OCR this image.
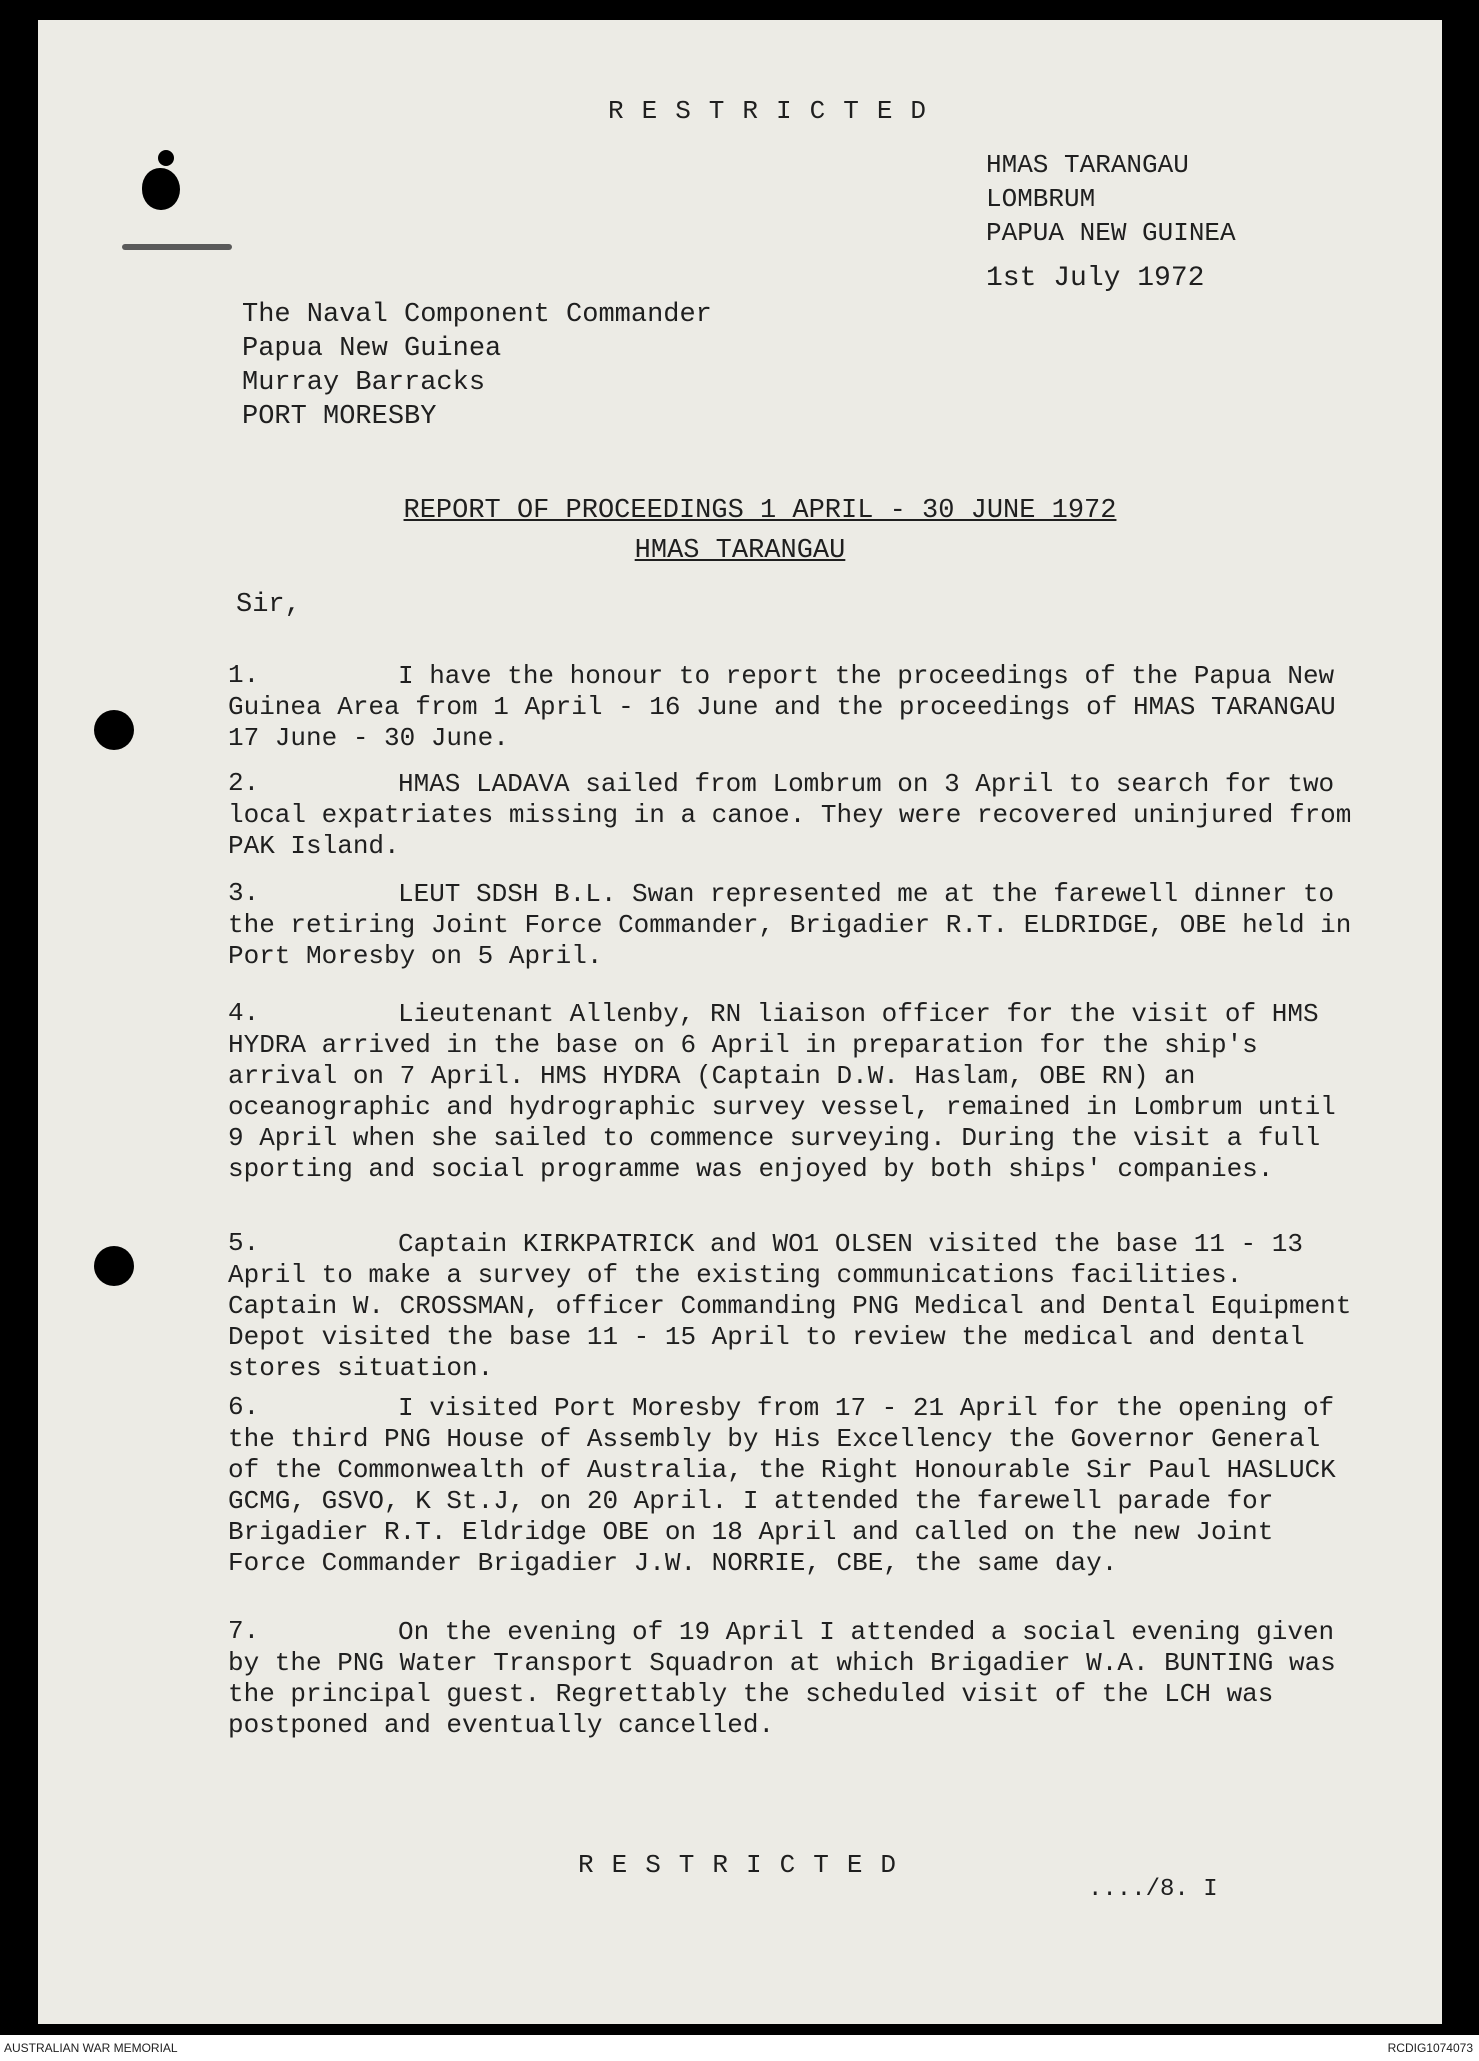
RESTRICTED
HMAS TARANGAU
LOMBRUM
PAPUA NEW GUINEA
1st July 1972
The Naval Component Commander
Papua New Guinea
Murray Barracks
PORT MORESBY
REPORT OF PROCEEDINGS 1 APRIL - 30 JUNE 1972
HMAS TARANGAU
Sir,
1.	I have the honour to report the proceedings of the Papua New Guinea Area from 1 April - 16 June and the proceedings of HMAS TARANGAU 17 June - 30 June.
2.	HMAS LADAVA sailed from Lombrum on 3 April to search for two local expatriates missing in a canoe. They were recovered uninjured from PAK Island.
3.	LEUT SDSH B.L. Swan represented me at the farewell dinner to the retiring Joint Force Commander, Brigadier R.T. ELDRIDGE, OBE held in Port Moresby on 5 April.
4.	Lieutenant Allenby, RN liaison officer for the visit of HMS HYDRA arrived in the base on 6 April in preparation for the ship's arrival on 7 April. HMS HYDRA (Captain D.W. Haslam, OBE RN) an oceanographic and hydrographic survey vessel, remained in Lombrum until 9 April when she sailed to commence surveying. During the visit a full sporting and social programme was enjoyed by both ships' companies.
5.	Captain KIRKPATRICK and WO1 OLSEN visited the base 11 - 13 April to make a survey of the existing communications facilities. Captain W. CROSSMAN, officer Commanding PNG Medical and Dental Equipment Depot visited the base 11 - 15 April to review the medical and dental stores situation.
6.	I visited Port Moresby from 17 - 21 April for the opening of the third PNG House of Assembly by His Excellency the Governor General of the Commonwealth of Australia, the Right Honourable Sir Paul HASLUCK GCMG, GSVO, K St.J, on 20 April. I attended the farewell parade for Brigadier R.T. Eldridge OBE on 18 April and called on the new Joint Force Commander Brigadier J.W. NORRIE, CBE, the same day.
7.	On the evening of 19 April I attended a social evening given by the PNG Water Transport Squadron at which Brigadier W.A. BUNTING was the principal guest. Regrettably the scheduled visit of the LCH was postponed and eventually cancelled.
RESTRICTED
..../8. I
AUSTRALIAN WAR MEMORIAL	RCDIG1074073
